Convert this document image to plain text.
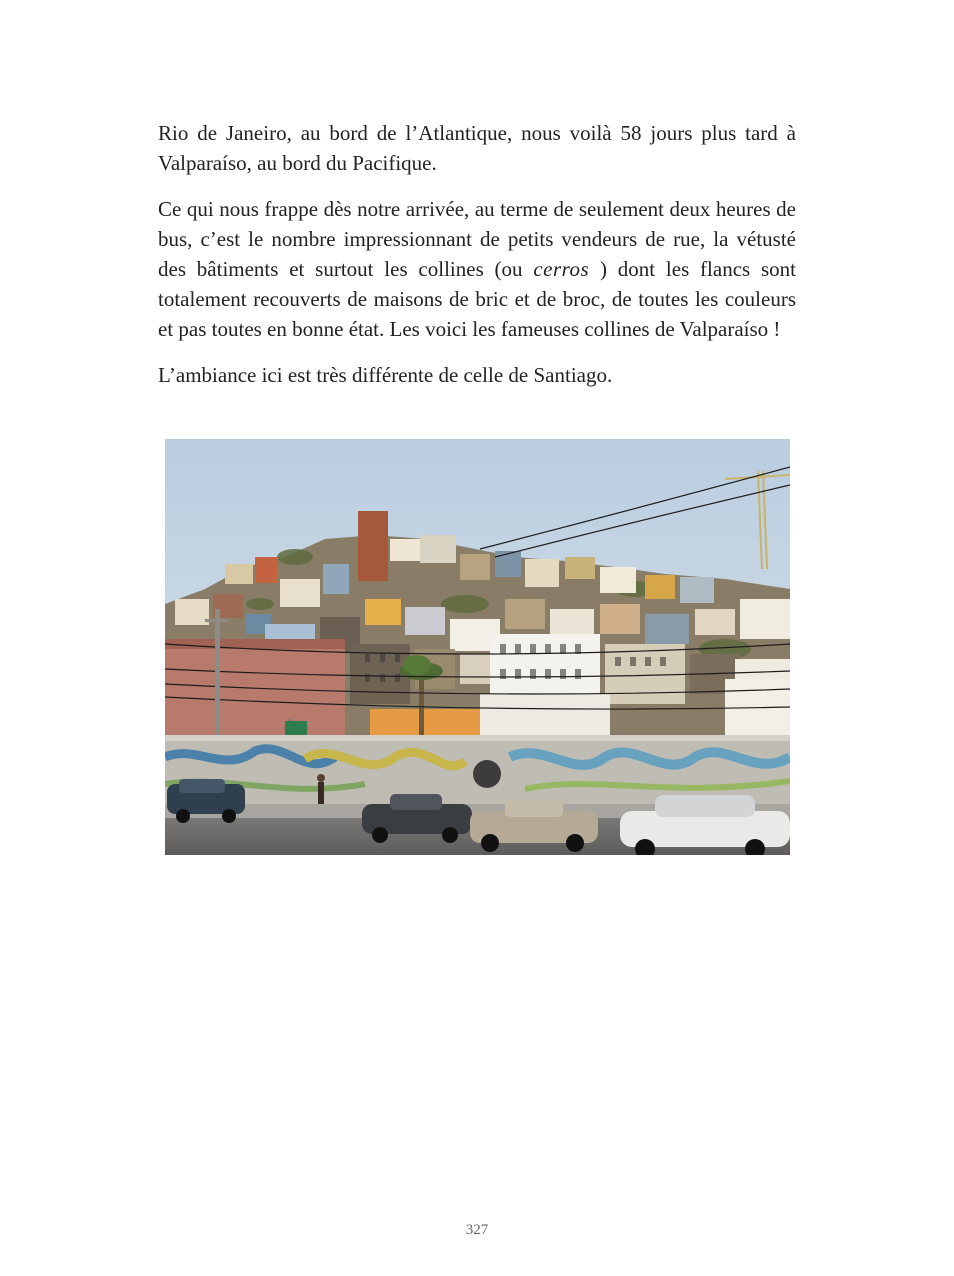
Rio de Janeiro, au bord de l’Atlantique, nous voilà 58 jours plus tard à Valparaíso, au bord du Pacifique.

Ce qui nous frappe dès notre arrivée, au terme de seulement deux heures de bus, c’est le nombre impressionnant de petits vendeurs de rue, la vétusté des bâtiments et surtout les collines (ou cerros ) dont les flancs sont totalement recouverts de maisons de bric et de broc, de toutes les couleurs et pas toutes en bonne état. Les voici les fameuses collines de Valparaíso !

L’ambiance ici est très différente de celle de Santiago.

327
